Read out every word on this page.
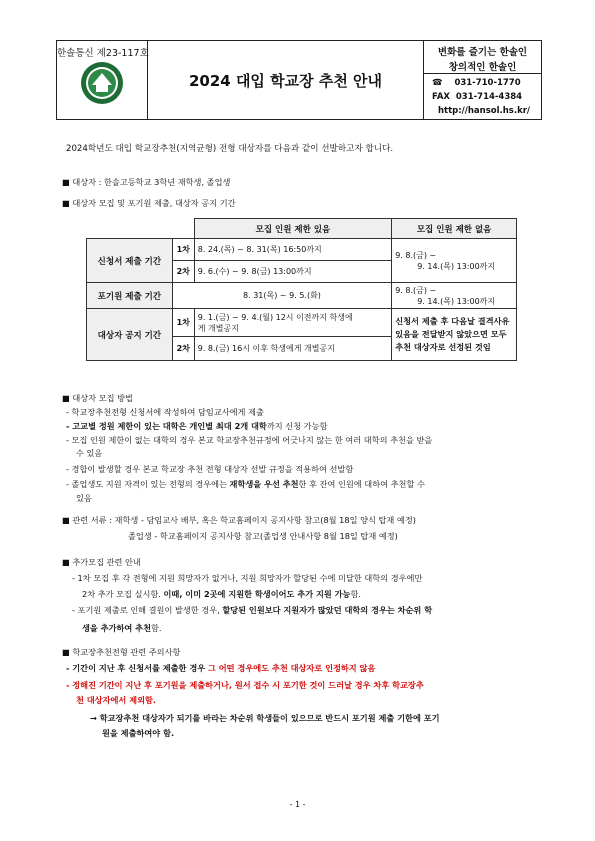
한솔통신 제23-117호
2024 대입 학교장 추천 안내
변화를 즐기는 한솔인
창의적인 한솔인
☎ 031-710-1770
FAX 031-714-4384
http://hansol.hs.kr/
2024학년도 대입 학교장추천(지역균형) 전형 대상자를 다음과 같이 선발하고자 합니다.
■ 대상자 : 한솔고등학교 3학년 재학생, 졸업생
■ 대상자 모집 및 포기원 제출, 대상자 공지 기간
		모집 인원 제한 있음	모집 인원 제한 없음
신청서 제출 기간	1차	8. 24.(목) ~ 8. 31(목) 16:50까지	9. 8.(금) ~
9. 14.(목) 13:00까지

	2차	9. 6.(수) ~ 9. 8(금) 13:00까지	
포기원 제출 기간	8. 31(목) ~ 9. 5.(화)		9. 8.(금) ~
9. 14.(목) 13:00까지

대상자 공지 기간	1차	9. 1.(금) ~ 9. 4.(월) 12시 이전까지 학생에
게 개별공지	신청서 제출 후 다음날 결격사유 있음을 전달받지 않았으면 모두 추천 대상자로 선정된 것임
	2차	9. 8.(금) 16시 이후 학생에게 개별공지	
■ 대상자 모집 방법
- 학교장추천전형 신청서에 작성하여 담임교사에게 제출
- 고교별 정원 제한이 있는 대학은 개인별 최대 2개 대학까지 신청 가능함
- 모집 인원 제한이 없는 대학의 경우 본교 학교장추천규정에 어긋나지 않는 한 여러 대학의 추천을 받을
수 있음
- 경합이 발생할 경우 본교 학교장 추천 전형 대상자 선발 규정을 적용하여 선발함
- 졸업생도 지원 자격이 있는 전형의 경우에는 재학생을 우선 추천한 후 잔여 인원에 대하여 추천할 수
있음
■ 관련 서류 : 재학생 - 담임교사 배부, 혹은 학교홈페이지 공지사항 참고(8월 18일 양식 탑재 예정)
졸업생 - 학교홈페이지 공지사항 참고(졸업생 안내사항 8월 18일 탑재 예정)
■ 추가모집 관련 안내
- 1차 모집 후 각 전형에 지원 희망자가 없거나, 지원 희망자가 할당된 수에 미달한 대학의 경우에만
2차 추가 모집 실시함. 이때, 이미 2곳에 지원한 학생이어도 추가 지원 가능함.
- 포기원 제출로 인해 결원이 발생한 경우, 할당된 인원보다 지원자가 많았던 대학의 경우는 차순위 학
생을 추가하여 추천함.
■ 학교장추천전형 관련 주의사항
- 기간이 지난 후 신청서를 제출한 경우 그 어떤 경우에도 추천 대상자로 인정하지 않음
- 정해진 기간이 지난 후 포기원을 제출하거나, 원서 접수 시 포기한 것이 드러날 경우 차후 학교장추
천 대상자에서 제외함.
→ 학교장추천 대상자가 되기를 바라는 차순위 학생들이 있으므로 반드시 포기원 제출 기한에 포기
원을 제출하여야 함.
- 1 -
